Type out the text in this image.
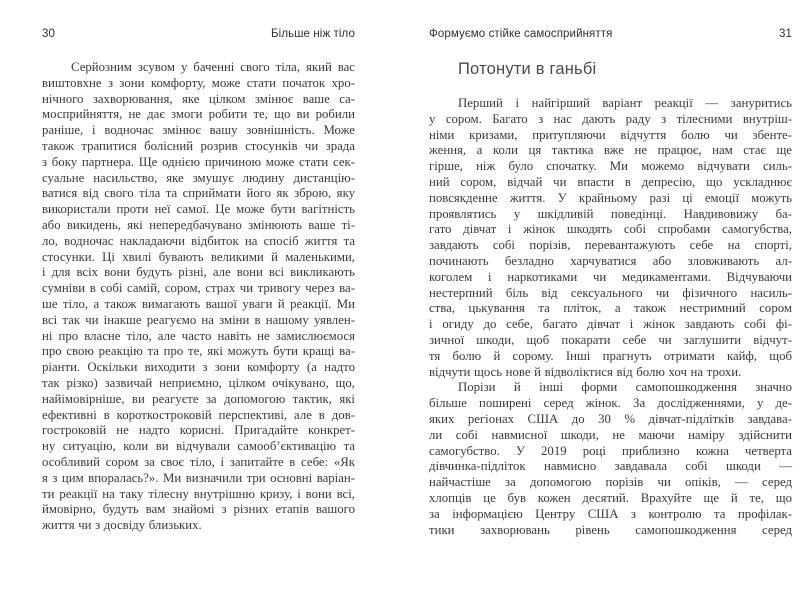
30	Більше ніж тіло
Серйозним зсувом у баченні свого тіла, який вас
виштовхне з зони комфорту, може стати початок хро-
нічного захворювання, яке цілком змінює ваше са-
мосприйняття, не дає змоги робити те, що ви робили
раніше, і водночас змінює вашу зовнішність. Може
також трапитися болісний розрив стосунків чи зрада
з боку партнера. Ще однією причиною може стати сек-
суальне насильство, яке змушує людину дистанцію-
ватися від свого тіла та сприймати його як зброю, яку
використали проти неї самої. Це може бути вагітність
або викидень, які непередбачувано змінюють ваше ті-
ло, водночас накладаючи відбиток на спосіб життя та
стосунки. Ці хвилі бувають великими й маленькими,
і для всіх вони будуть різні, але вони всі викликають
сумніви в собі самій, сором, страх чи тривогу через ва-
ше тіло, а також вимагають вашої уваги й реакції. Ми
всі так чи інакше реагуємо на зміни в нашому уявлен-
ні про власне тіло, але часто навіть не замислюємося
про свою реакцію та про те, які можуть бути кращі ва-
ріанти. Оскільки виходити з зони комфорту (а надто
так різко) зазвичай неприємно, цілком очікувано, що,
найімовірніше, ви реагуєте за допомогою тактик, які
ефективні в короткостроковій перспективі, але в дов-
гостроковій не надто корисні. Пригадайте конкрет-
ну ситуацію, коли ви відчували самооб’єктивацію та
особливий сором за своє тіло, і запитайте в себе: «Як
я з цим впоралась?». Ми визначили три основні варіан-
ти реакції на таку тілесну внутрішню кризу, і вони всі,
ймовірно, будуть вам знайомі з різних етапів вашого
життя чи з досвіду близьких.
Формуємо стійке самосприйняття	31
Потонути в ганьбі
Перший і найгірший варіант реакції — зануритись
у сором. Багато з нас дають раду з тілесними внутріш-
німи кризами, притупляючи відчуття болю чи збенте-
ження, а коли ця тактика вже не працює, нам стає ще
гірше, ніж було спочатку. Ми можемо відчувати силь-
ний сором, відчай чи впасти в депресію, що ускладнює
повсякденне життя. У крайньому разі ці емоції можуть
проявлятись у шкідливій поведінці. Навдивовижу ба-
гато дівчат і жінок шкодять собі спробами самогубства,
завдають собі порізів, перевантажують себе на спорті,
починають безладно харчуватися або зловживають ал-
коголем і наркотиками чи медикаментами. Відчуваючи
нестерпний біль від сексуального чи фізичного насиль-
ства, цькування та пліток, а також нестримний сором
і огиду до себе, багато дівчат і жінок завдають собі фі-
зичної шкоди, щоб покарати себе чи заглушити відчут-
тя болю й сорому. Інші прагнуть отримати кайф, щоб
відчути щось нове й відволіктися від болю хоч на трохи.
Порізи й інші форми самопошкодження значно
більше поширені серед жінок. За дослідженнями, у де-
яких регіонах США до 30 % дівчат-підлітків завдава-
ли собі навмисної шкоди, не маючи наміру здійснити
самогубство. У 2019 році приблизно кожна четверта
дівчинка-підліток навмисно завдавала собі шкоди —
найчастіше за допомогою порізів чи опіків, — серед
хлопців це був кожен десятий. Врахуйте ще й те, що
за інформацією Центру США з контролю та профілак-
тики захворювань рівень самопошкодження серед
